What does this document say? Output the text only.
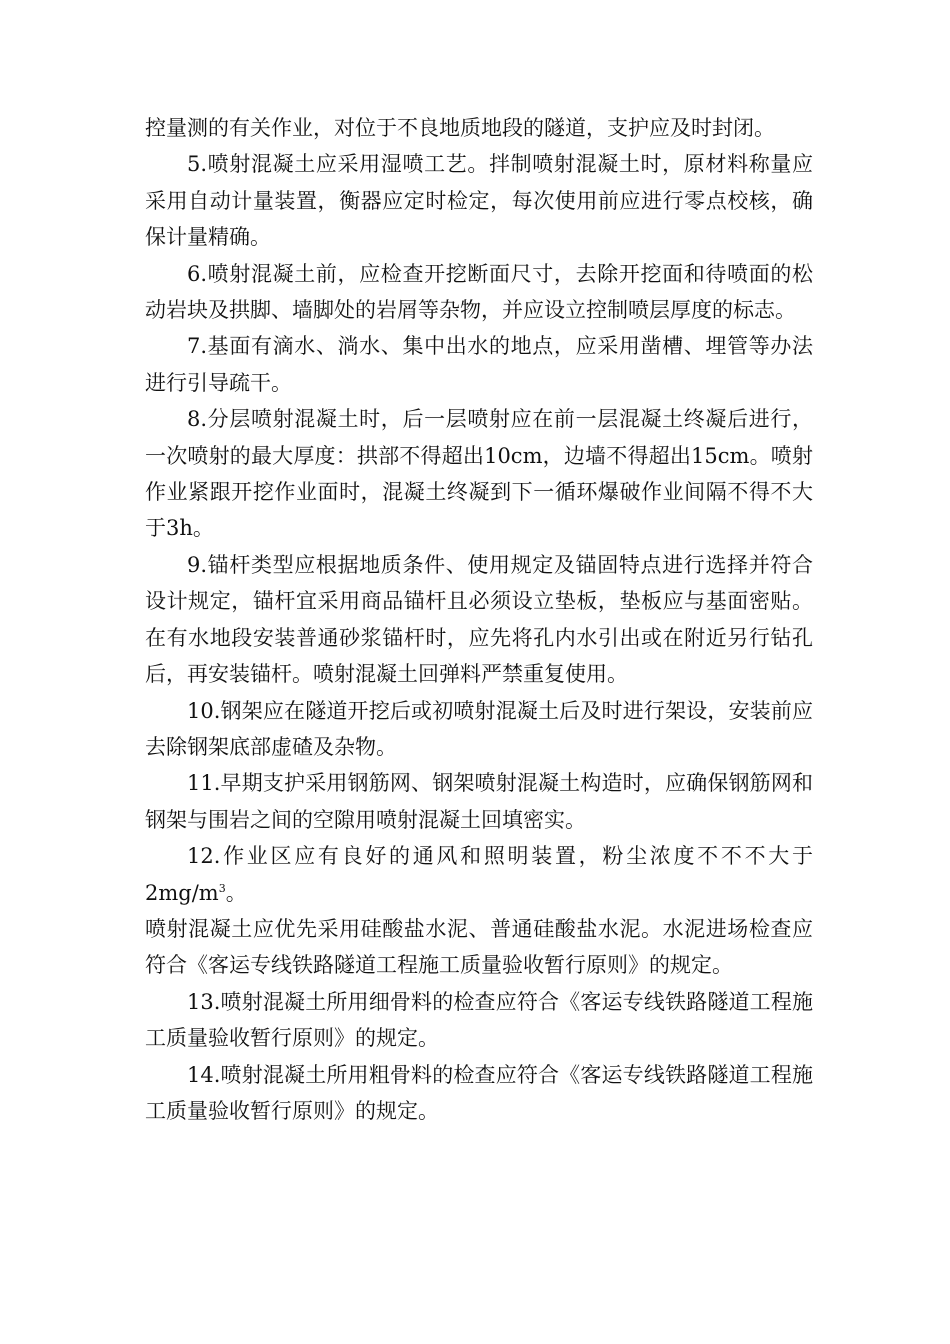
控量测的有关作业，对位于不良地质地段的隧道，支护应及时封闭。

5.喷射混凝土应采用湿喷工艺。拌制喷射混凝土时，原材料称量应采用自动计量装置，衡器应定时检定，每次使用前应进行零点校核，确保计量精确。

6.喷射混凝土前，应检查开挖断面尺寸，去除开挖面和待喷面的松动岩块及拱脚、墙脚处的岩屑等杂物，并应设立控制喷层厚度的标志。

7.基面有滴水、淌水、集中出水的地点，应采用凿槽、埋管等办法进行引导疏干。

8.分层喷射混凝土时，后一层喷射应在前一层混凝土终凝后进行，一次喷射的最大厚度：拱部不得超出10cm，边墙不得超出15cm。喷射作业紧跟开挖作业面时，混凝土终凝到下一循环爆破作业间隔不得不大于3h。

9.锚杆类型应根据地质条件、使用规定及锚固特点进行选择并符合设计规定，锚杆宜采用商品锚杆且必须设立垫板，垫板应与基面密贴。在有水地段安装普通砂浆锚杆时，应先将孔内水引出或在附近另行钻孔后，再安装锚杆。喷射混凝土回弹料严禁重复使用。

10.钢架应在隧道开挖后或初喷射混凝土后及时进行架设，安装前应去除钢架底部虚碴及杂物。

11.早期支护采用钢筋网、钢架喷射混凝土构造时，应确保钢筋网和钢架与围岩之间的空隙用喷射混凝土回填密实。

12.作业区应有良好的通风和照明装置，粉尘浓度不不不大于$2mg/m^3$。

喷射混凝土应优先采用硅酸盐水泥、普通硅酸盐水泥。水泥进场检查应符合《客运专线铁路隧道工程施工质量验收暂行原则》的规定。

13.喷射混凝土所用细骨料的检查应符合《客运专线铁路隧道工程施工质量验收暂行原则》的规定。

14.喷射混凝土所用粗骨料的检查应符合《客运专线铁路隧道工程施工质量验收暂行原则》的规定。
